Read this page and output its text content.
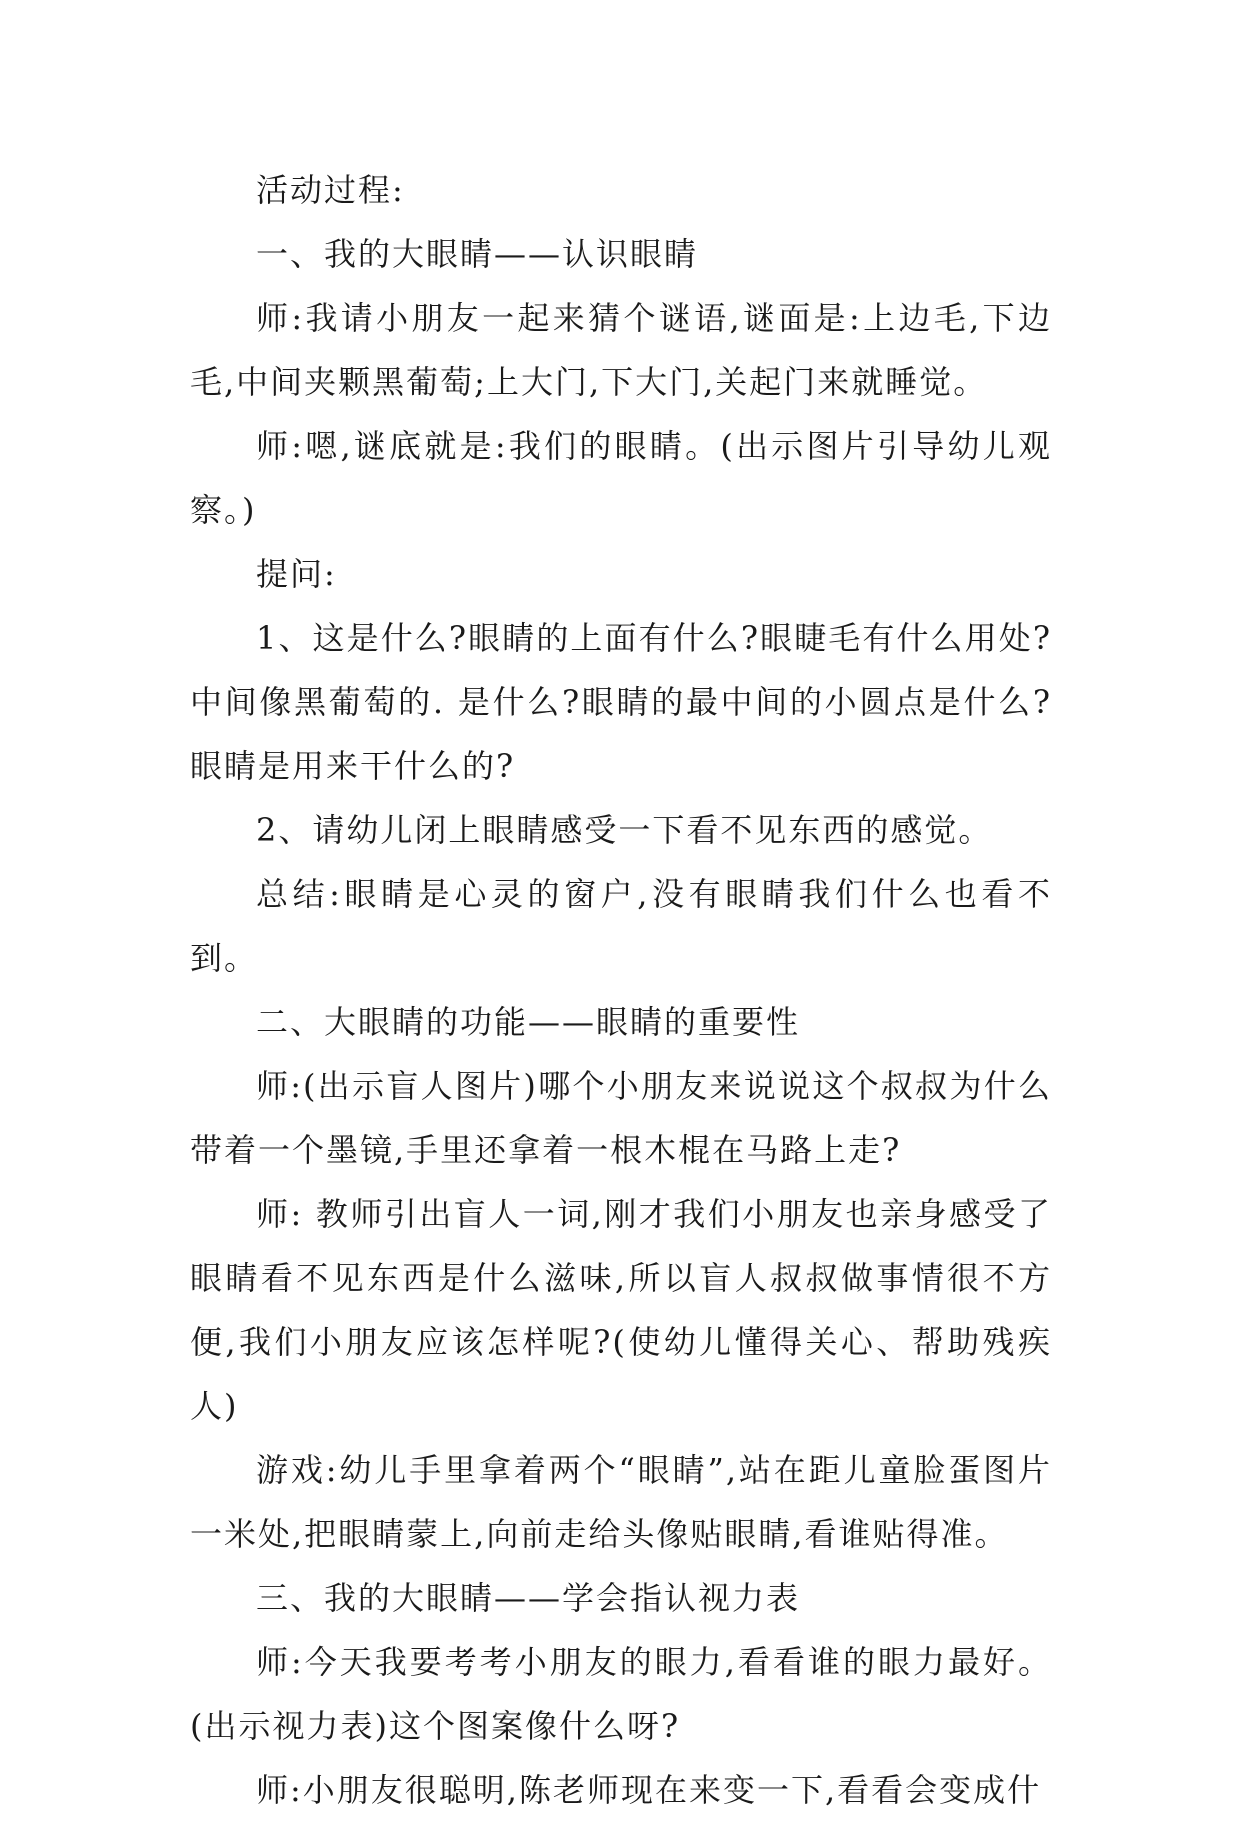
活动过程:

一、我的大眼睛——认识眼睛

师:我请小朋友一起来猜个谜语,谜面是:上边毛,下边毛,中间夹颗黑葡萄;上大门,下大门,关起门来就睡觉。

师:嗯,谜底就是:我们的眼睛。(出示图片引导幼儿观察。)

提问:

1、这是什么?眼睛的上面有什么?眼睫毛有什么用处?中间像黑葡萄的. 是什么?眼睛的最中间的小圆点是什么?眼睛是用来干什么的?

2、请幼儿闭上眼睛感受一下看不见东西的感觉。

总结:眼睛是心灵的窗户,没有眼睛我们什么也看不到。

二、大眼睛的功能——眼睛的重要性

师:(出示盲人图片)哪个小朋友来说说这个叔叔为什么带着一个墨镜,手里还拿着一根木棍在马路上走?

师: 教师引出盲人一词,刚才我们小朋友也亲身感受了眼睛看不见东西是什么滋味,所以盲人叔叔做事情很不方便,我们小朋友应该怎样呢?(使幼儿懂得关心、帮助残疾人)

游戏:幼儿手里拿着两个“眼睛”,站在距儿童脸蛋图片一米处,把眼睛蒙上,向前走给头像贴眼睛,看谁贴得准。

三、我的大眼睛——学会指认视力表

师:今天我要考考小朋友的眼力,看看谁的眼力最好。(出示视力表)这个图案像什么呀?

师:小朋友很聪明,陈老师现在来变一下,看看会变成什
